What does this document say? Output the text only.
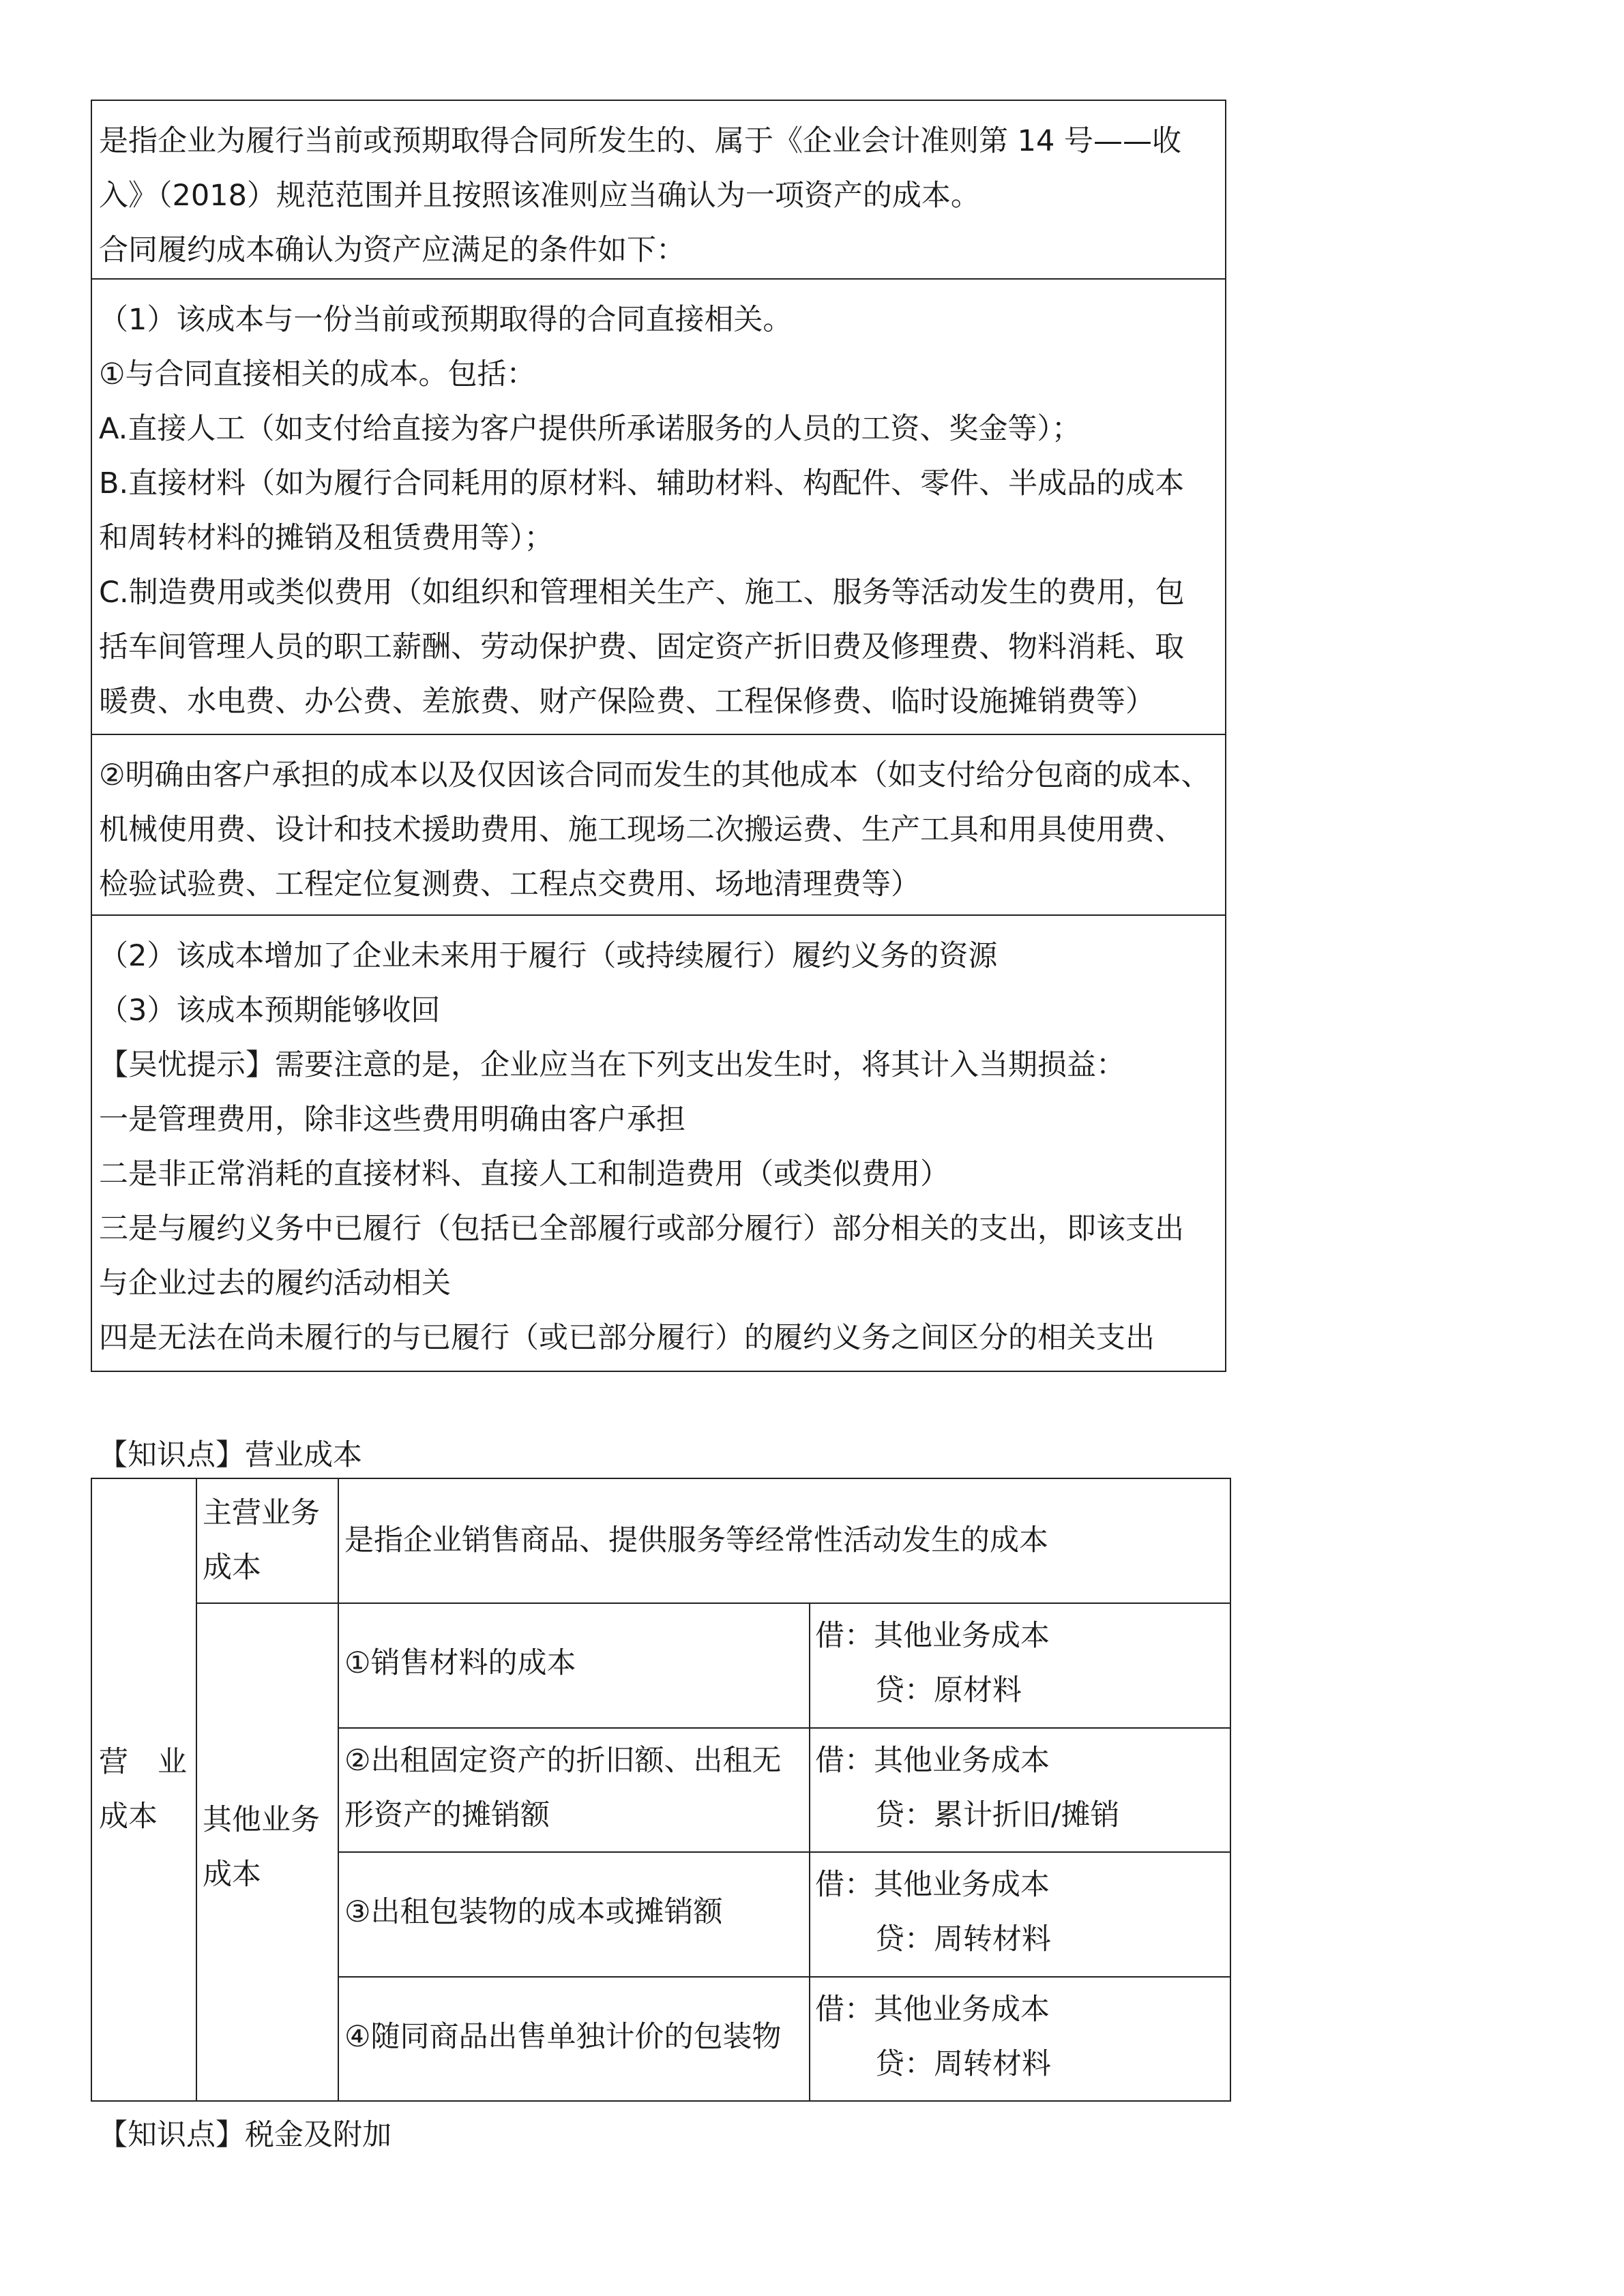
是指企业为履行当前或预期取得合同所发生的、属于《企业会计准则第 14 号——收
入》（2018）规范范围并且按照该准则应当确认为一项资产的成本。
合同履约成本确认为资产应满足的条件如下：
（1）该成本与一份当前或预期取得的合同直接相关。
①与合同直接相关的成本。包括：
A.直接人工（如支付给直接为客户提供所承诺服务的人员的工资、奖金等）；
B.直接材料（如为履行合同耗用的原材料、辅助材料、构配件、零件、半成品的成本
和周转材料的摊销及租赁费用等）；
C.制造费用或类似费用（如组织和管理相关生产、施工、服务等活动发生的费用，包
括车间管理人员的职工薪酬、劳动保护费、固定资产折旧费及修理费、物料消耗、取
暖费、水电费、办公费、差旅费、财产保险费、工程保修费、临时设施摊销费等）
②明确由客户承担的成本以及仅因该合同而发生的其他成本（如支付给分包商的成本、
机械使用费、设计和技术援助费用、施工现场二次搬运费、生产工具和用具使用费、
检验试验费、工程定位复测费、工程点交费用、场地清理费等）
（2）该成本增加了企业未来用于履行（或持续履行）履约义务的资源
（3）该成本预期能够收回
【吴忧提示】需要注意的是，企业应当在下列支出发生时，将其计入当期损益：
一是管理费用，除非这些费用明确由客户承担
二是非正常消耗的直接材料、直接人工和制造费用（或类似费用）
三是与履约义务中已履行（包括已全部履行或部分履行）部分相关的支出，即该支出
与企业过去的履约活动相关
四是无法在尚未履行的与已履行（或已部分履行）的履约义务之间区分的相关支出
【知识点】营业成本
营　业
成本
主营业务
成本
是指企业销售商品、提供服务等经常性活动发生的成本
其他业务
成本
①销售材料的成本
借：其他业务成本
贷：原材料
②出租固定资产的折旧额、出租无
形资产的摊销额
借：其他业务成本
贷：累计折旧/摊销
③出租包装物的成本或摊销额
借：其他业务成本
贷：周转材料
④随同商品出售单独计价的包装物
借：其他业务成本
贷：周转材料
【知识点】税金及附加
